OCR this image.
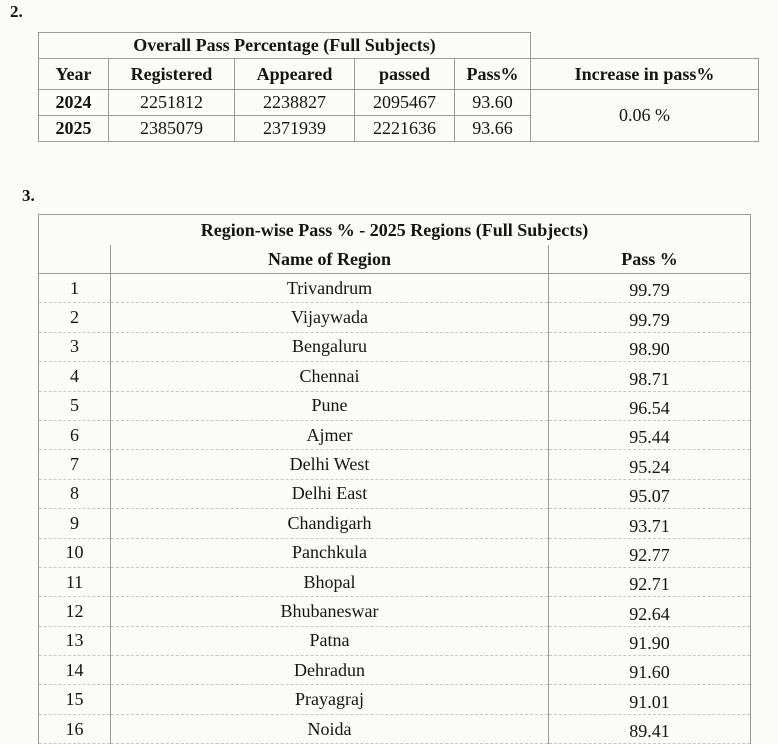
2.
Overall Pass Percentage (Full Subjects)					
Year	Registered	Appeared	passed	Pass%	Increase in pass%
2024	2251812	2238827	2095467	93.60	0.06 %
2025	2385079	2371939	2221636	93.66	
3.
Region-wise Pass % - 2025 Regions (Full Subjects)		
	Name of Region	Pass %
1	Trivandrum	99.79
2	Vijaywada	99.79
3	Bengaluru	98.90
4	Chennai	98.71
5	Pune	96.54
6	Ajmer	95.44
7	Delhi West	95.24
8	Delhi East	95.07
9	Chandigarh	93.71
10	Panchkula	92.77
11	Bhopal	92.71
12	Bhubaneswar	92.64
13	Patna	91.90
14	Dehradun	91.60
15	Prayagraj	91.01
16	Noida	89.41
